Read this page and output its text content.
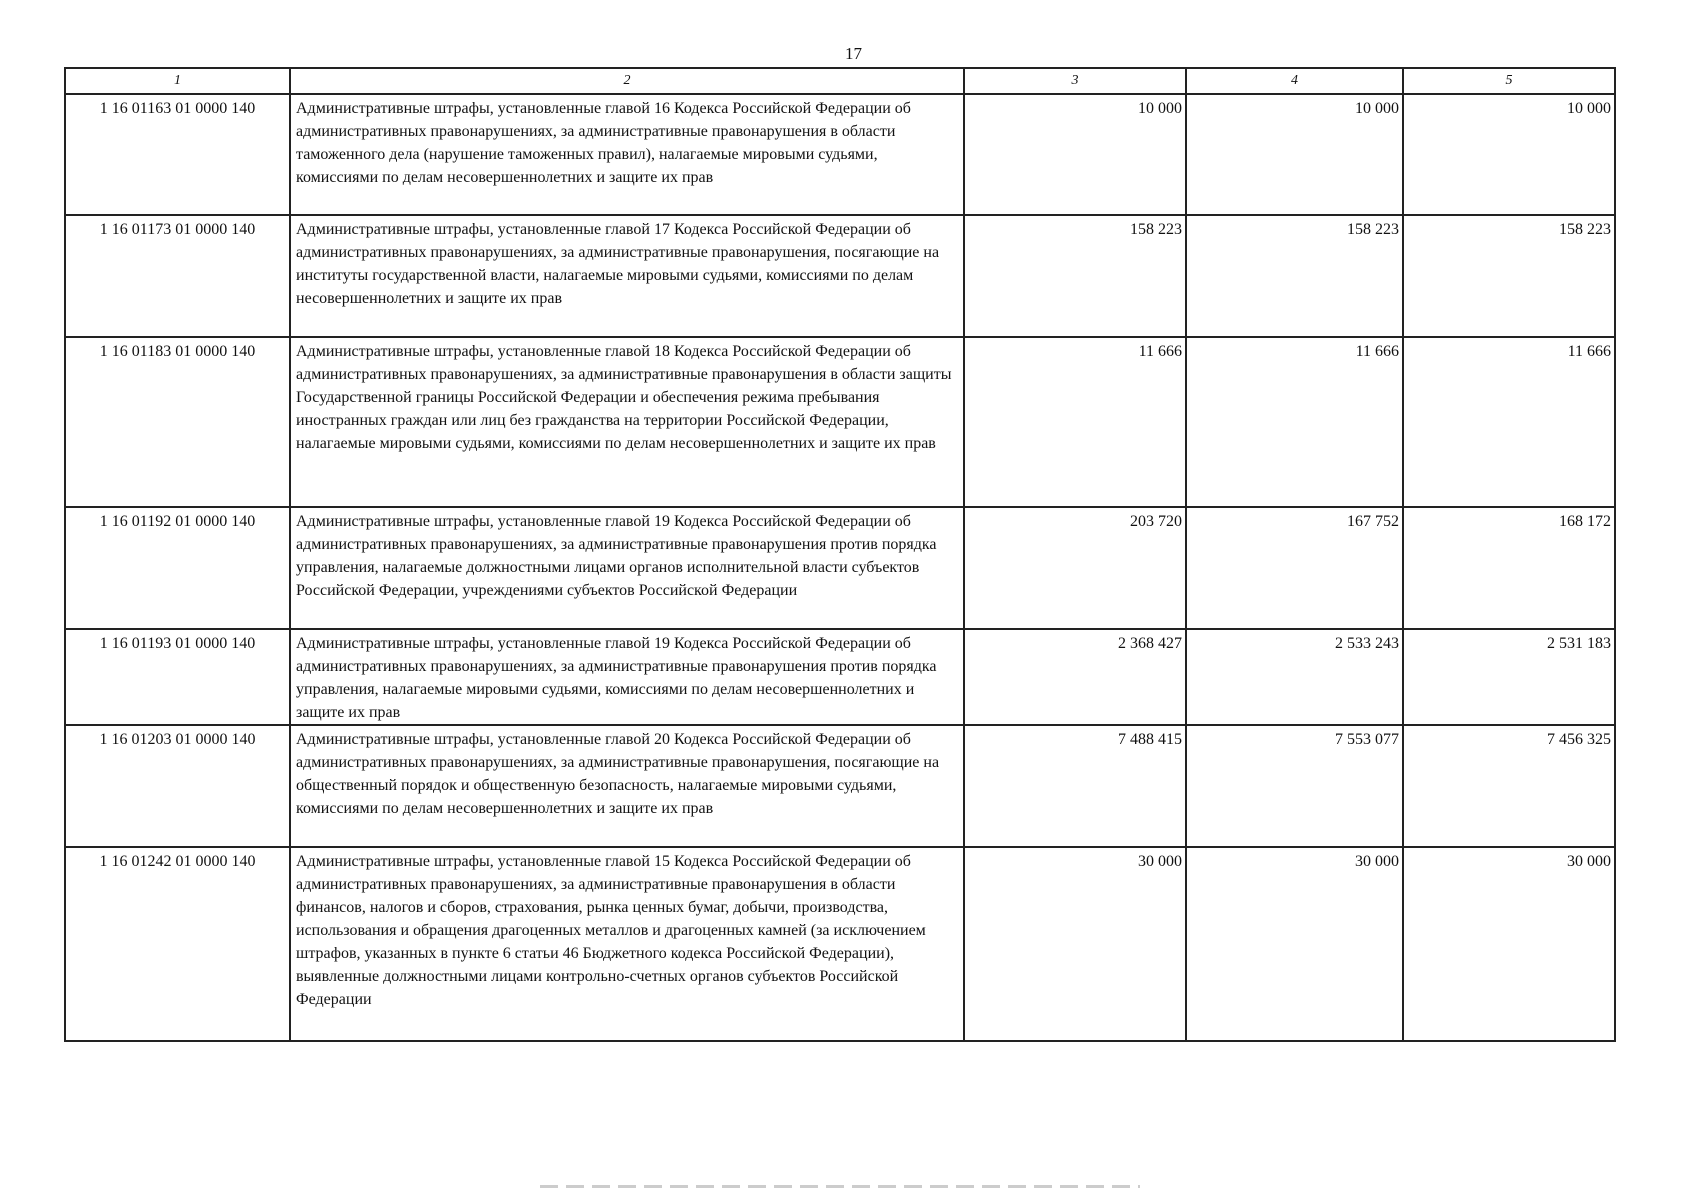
17
1	2	3	4	5
1 16 01163 01 0000 140	Административные штрафы, установленные главой 16 Кодекса Российской Федерации об административных правонарушениях, за административные правонарушения в области таможенного дела (нарушение таможенных правил), налагаемые мировыми судьями, комиссиями по делам несовершеннолетних и защите их прав	10 000	10 000	10 000
1 16 01173 01 0000 140	Административные штрафы, установленные главой 17 Кодекса Российской Федерации об административных правонарушениях, за административные правонарушения, посягающие на институты государственной власти, налагаемые мировыми судьями, комиссиями по делам несовершеннолетних и защите их прав	158 223	158 223	158 223
1 16 01183 01 0000 140	Административные штрафы, установленные главой 18 Кодекса Российской Федерации об административных правонарушениях, за административные правонарушения в области защиты Государственной границы Российской Федерации и обеспечения режима пребывания иностранных граждан или лиц без гражданства на территории Российской Федерации, налагаемые мировыми судьями, комиссиями по делам несовершеннолетних и защите их прав	11 666	11 666	11 666
1 16 01192 01 0000 140	Административные штрафы, установленные главой 19 Кодекса Российской Федерации об административных правонарушениях, за административные правонарушения против порядка управления, налагаемые должностными лицами органов исполнительной власти субъектов Российской Федерации, учреждениями субъектов Российской Федерации	203 720	167 752	168 172
1 16 01193 01 0000 140	Административные штрафы, установленные главой 19 Кодекса Российской Федерации об административных правонарушениях, за административные правонарушения против порядка управления, налагаемые мировыми судьями, комиссиями по делам несовершеннолетних и защите их прав	2 368 427	2 533 243	2 531 183
1 16 01203 01 0000 140	Административные штрафы, установленные главой 20 Кодекса Российской Федерации об административных правонарушениях, за административные правонарушения, посягающие на общественный порядок и общественную безопасность, налагаемые мировыми судьями, комиссиями по делам несовершеннолетних и защите их прав	7 488 415	7 553 077	7 456 325
1 16 01242 01 0000 140	Административные штрафы, установленные главой 15 Кодекса Российской Федерации об административных правонарушениях, за административные правонарушения в области финансов, налогов и сборов, страхования, рынка ценных бумаг, добычи, производства, использования и обращения драгоценных металлов и драгоценных камней (за исключением штрафов, указанных в пункте 6 статьи 46 Бюджетного кодекса Российской Федерации), выявленные должностными лицами контрольно-счетных органов субъектов Российской Федерации	30 000	30 000	30 000
